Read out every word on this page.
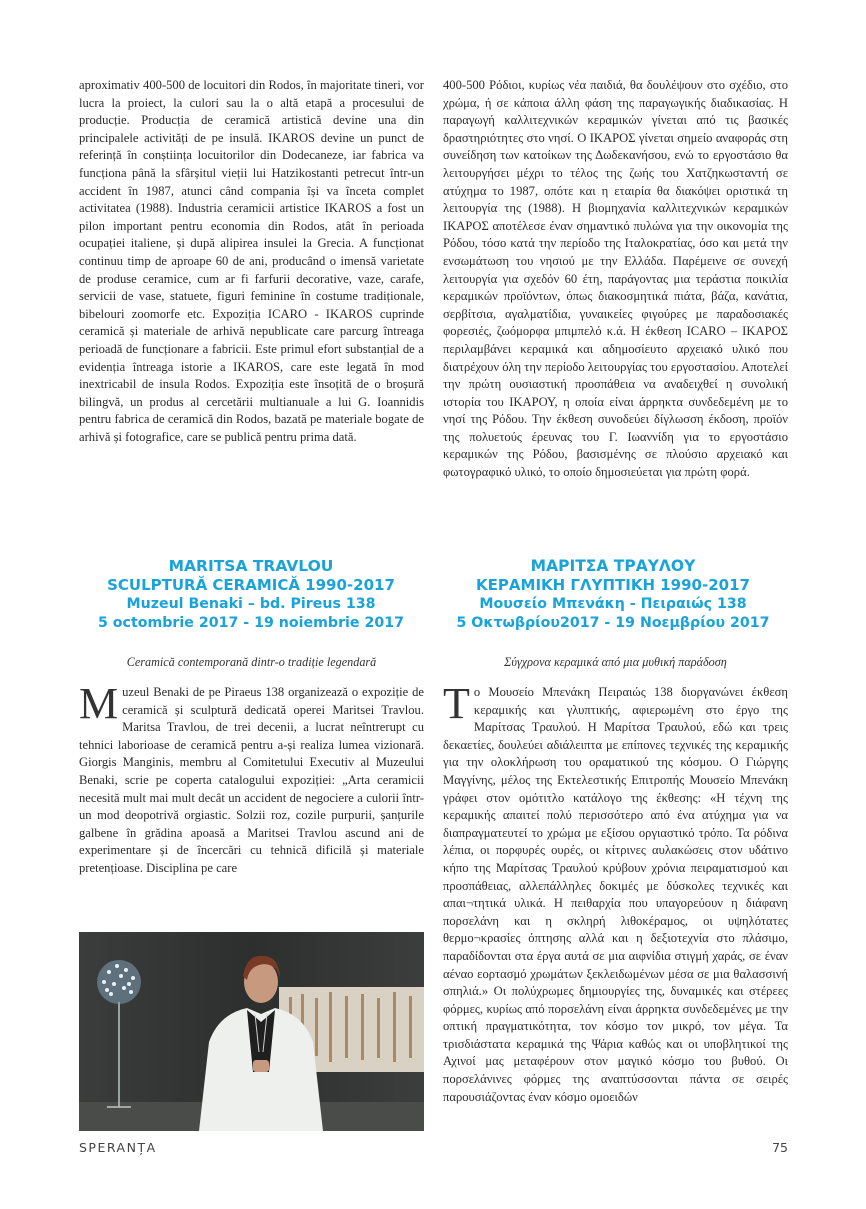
aproximativ 400-500 de locuitori din Rodos, în majoritate tineri, vor lucra la proiect, la culori sau la o altă etapă a procesului de producție. Producția de ceramică artistică devine una din principalele activități de pe insulă. IKAROS devine un punct de referință în conștiința locuitorilor din Dodecaneze, iar fabrica va funcționa până la sfârșitul vieții lui Hatzikostanti petrecut într-un accident în 1987, atunci când compania își va înceta complet activitatea (1988). Industria ceramicii artistice IKAROS a fost un pilon important pentru economia din Rodos, atât în perioada ocupației italiene, și după alipirea insulei la Grecia. A funcționat continuu timp de aproape 60 de ani, producând o imensă varietate de produse ceramice, cum ar fi farfurii decorative, vaze, carafe, servicii de vase, statuete, figuri feminine în costume tradiționale, bibelouri zoomorfe etc. Expoziția ICARO - IKAROS cuprinde ceramică și materiale de arhivă nepublicate care parcurg întreaga perioadă de funcționare a fabricii. Este primul efort substanțial de a evidenția întreaga istorie a IKAROS, care este legată în mod inextricabil de insula Rodos. Expoziția este însoțită de o broșură bilingvă, un produs al cercetării multianuale a lui G. Ioannidis pentru fabrica de ceramică din Rodos, bazată pe materiale bogate de arhivă și fotografice, care se publică pentru prima dată.

400-500 Ρόδιοι, κυρίως νέα παιδιά, θα δουλέψουν στο σχέδιο, στο χρώμα, ή σε κάποια άλλη φάση της παραγωγικής διαδικασίας. Η παραγωγή καλλιτεχνικών κεραμικών γίνεται από τις βασικές δραστηριότητες στο νησί. Ο ΙΚΑΡΟΣ γίνεται σημείο αναφοράς στη συνείδηση των κατοίκων της Δωδεκανήσου, ενώ το εργοστάσιο θα λειτουργήσει μέχρι το τέλος της ζωής του Χατζηκωσταντή σε ατύχημα το 1987, οπότε και η εταιρία θα διακόψει οριστικά τη λειτουργία της (1988). Η βιομηχανία καλλιτεχνικών κεραμικών ΙΚΑΡΟΣ αποτέλεσε έναν σημαντικό πυλώνα για την οικονομία της Ρόδου, τόσο κατά την περίοδο της Ιταλοκρατίας, όσο και μετά την ενσωμάτωση του νησιού με την Ελλάδα. Παρέμεινε σε συνεχή λειτουργία για σχεδόν 60 έτη, παράγοντας μια τεράστια ποικιλία κεραμικών προϊόντων, όπως διακοσμητικά πιάτα, βάζα, κανάτια, σερβίτσια, αγαλματίδια, γυναικείες φιγούρες με παραδοσιακές φορεσιές, ζωόμορφα μπιμπελό κ.ά. Η έκθεση ICARO – ΙΚΑΡΟΣ περιλαμβάνει κεραμικά και αδημοσίευτο αρχειακό υλικό που διατρέχουν όλη την περίοδο λειτουργίας του εργοστασίου. Αποτελεί την πρώτη ουσιαστική προσπάθεια να αναδειχθεί η συνολική ιστορία του ΙΚΑΡΟΥ, η οποία είναι άρρηκτα συνδεδεμένη με το νησί της Ρόδου. Την έκθεση συνοδεύει δίγλωσση έκδοση, προϊόν της πολυετούς έρευνας του Γ. Ιωαννίδη για το εργοστάσιο κεραμικών της Ρόδου, βασισμένης σε πλούσιο αρχειακό και φωτογραφικό υλικό, το οποίο δημοσιεύεται για πρώτη φορά.

MARITSA TRAVLOU
SCULPTURĂ CERAMICĂ 1990-2017
Muzeul Benaki – bd. Pireus 138
5 octombrie 2017 - 19 noiembrie 2017
ΜΑΡΙΤΣΑ ΤΡΑΥΛΟΥ
ΚΕΡΑΜΙΚΗ ΓΛΥΠΤΙΚΗ 1990-2017
Μουσείο Μπενάκη - Πειραιώς 138
5 Οκτωβρίου2017 - 19 Νοεμβρίου 2017
Ceramică contemporană dintr-o tradiție legendară	Σύγχρονα κεραμικά από μια μυθική παράδοση
Muzeul Benaki de pe Piraeus 138 organizează o expoziție de ceramică și sculptură dedicată operei Maritsei Travlou. Maritsa Travlou, de trei decenii, a lucrat neîntrerupt cu tehnici laborioase de ceramică pentru a-și realiza lumea vizionară. Giorgis Manginis, membru al Comitetului Executiv al Muzeului Benaki, scrie pe coperta catalogului expoziției: „Arta ceramicii necesită mult mai mult decât un accident de negociere a culorii într-un mod deopotrivă orgiastic. Solzii roz, cozile purpurii, șanțurile galbene în grădina apoasă a Maritsei Travlou ascund ani de experimentare și de încercări cu tehnică dificilă și materiale pretențioase. Disciplina pe care
Το Μουσείο Μπενάκη Πειραιώς 138 διοργανώνει έκθεση κεραμικής και γλυπτικής, αφιερωμένη στο έργο της Μαρίτσας Τραυλού. Η Μαρίτσα Τραυλού, εδώ και τρεις δεκαετίες, δουλεύει αδιάλειπτα με επίπονες τεχνικές της κεραμικής για την ολοκλήρωση του οραματικού της κόσμου. Ο Γιώργης Μαγγίνης, μέλος της Εκτελεστικής Επιτροπής Μουσείο Μπενάκη γράφει στον ομότιτλο κατάλογο της έκθεσης: «Η τέχνη της κεραμικής απαιτεί πολύ περισσότερο από ένα ατύχημα για να διαπραγματευτεί το χρώμα με εξίσου οργιαστικό τρόπο. Τα ρόδινα λέπια, οι πορφυρές ουρές, οι κίτρινες αυλακώσεις στον υδάτινο κήπο της Μαρίτσας Τραυλού κρύβουν χρόνια πειραματισμού και προσπάθειας, αλλεπάλληλες δοκιμές με δύσκολες τεχνικές και απαι¬τητικά υλικά. Η πειθαρχία που υπαγορεύουν η διάφανη πορσελάνη και η σκληρή λιθοκέραμος, οι υψηλότατες θερμο¬κρασίες όπτησης αλλά και η δεξιοτεχνία στο πλάσιμο, παραδίδονται στα έργα αυτά σε μια αιφνίδια στιγμή χαράς, σε έναν αέναο εορτασμό χρωμάτων ξεκλειδωμένων μέσα σε μια θαλασσινή σπηλιά.» Οι πολύχρωμες δημιουργίες της, δυναμικές και στέρεες φόρμες, κυρίως από πορσελάνη είναι άρρηκτα συνδεδεμένες με την οπτική πραγματικότητα, τον κόσμο τον μικρό, τον μέγα. Τα τρισδιάστατα κεραμικά της Ψάρια καθώς και οι υποβλητικοί της Αχινοί μας μεταφέρουν στον μαγικό κόσμο του βυθού. Οι πορσελάνινες φόρμες της αναπτύσσονται πάντα σε σειρές παρουσιάζοντας έναν κόσμο ομοειδών
SPERANȚA	75
